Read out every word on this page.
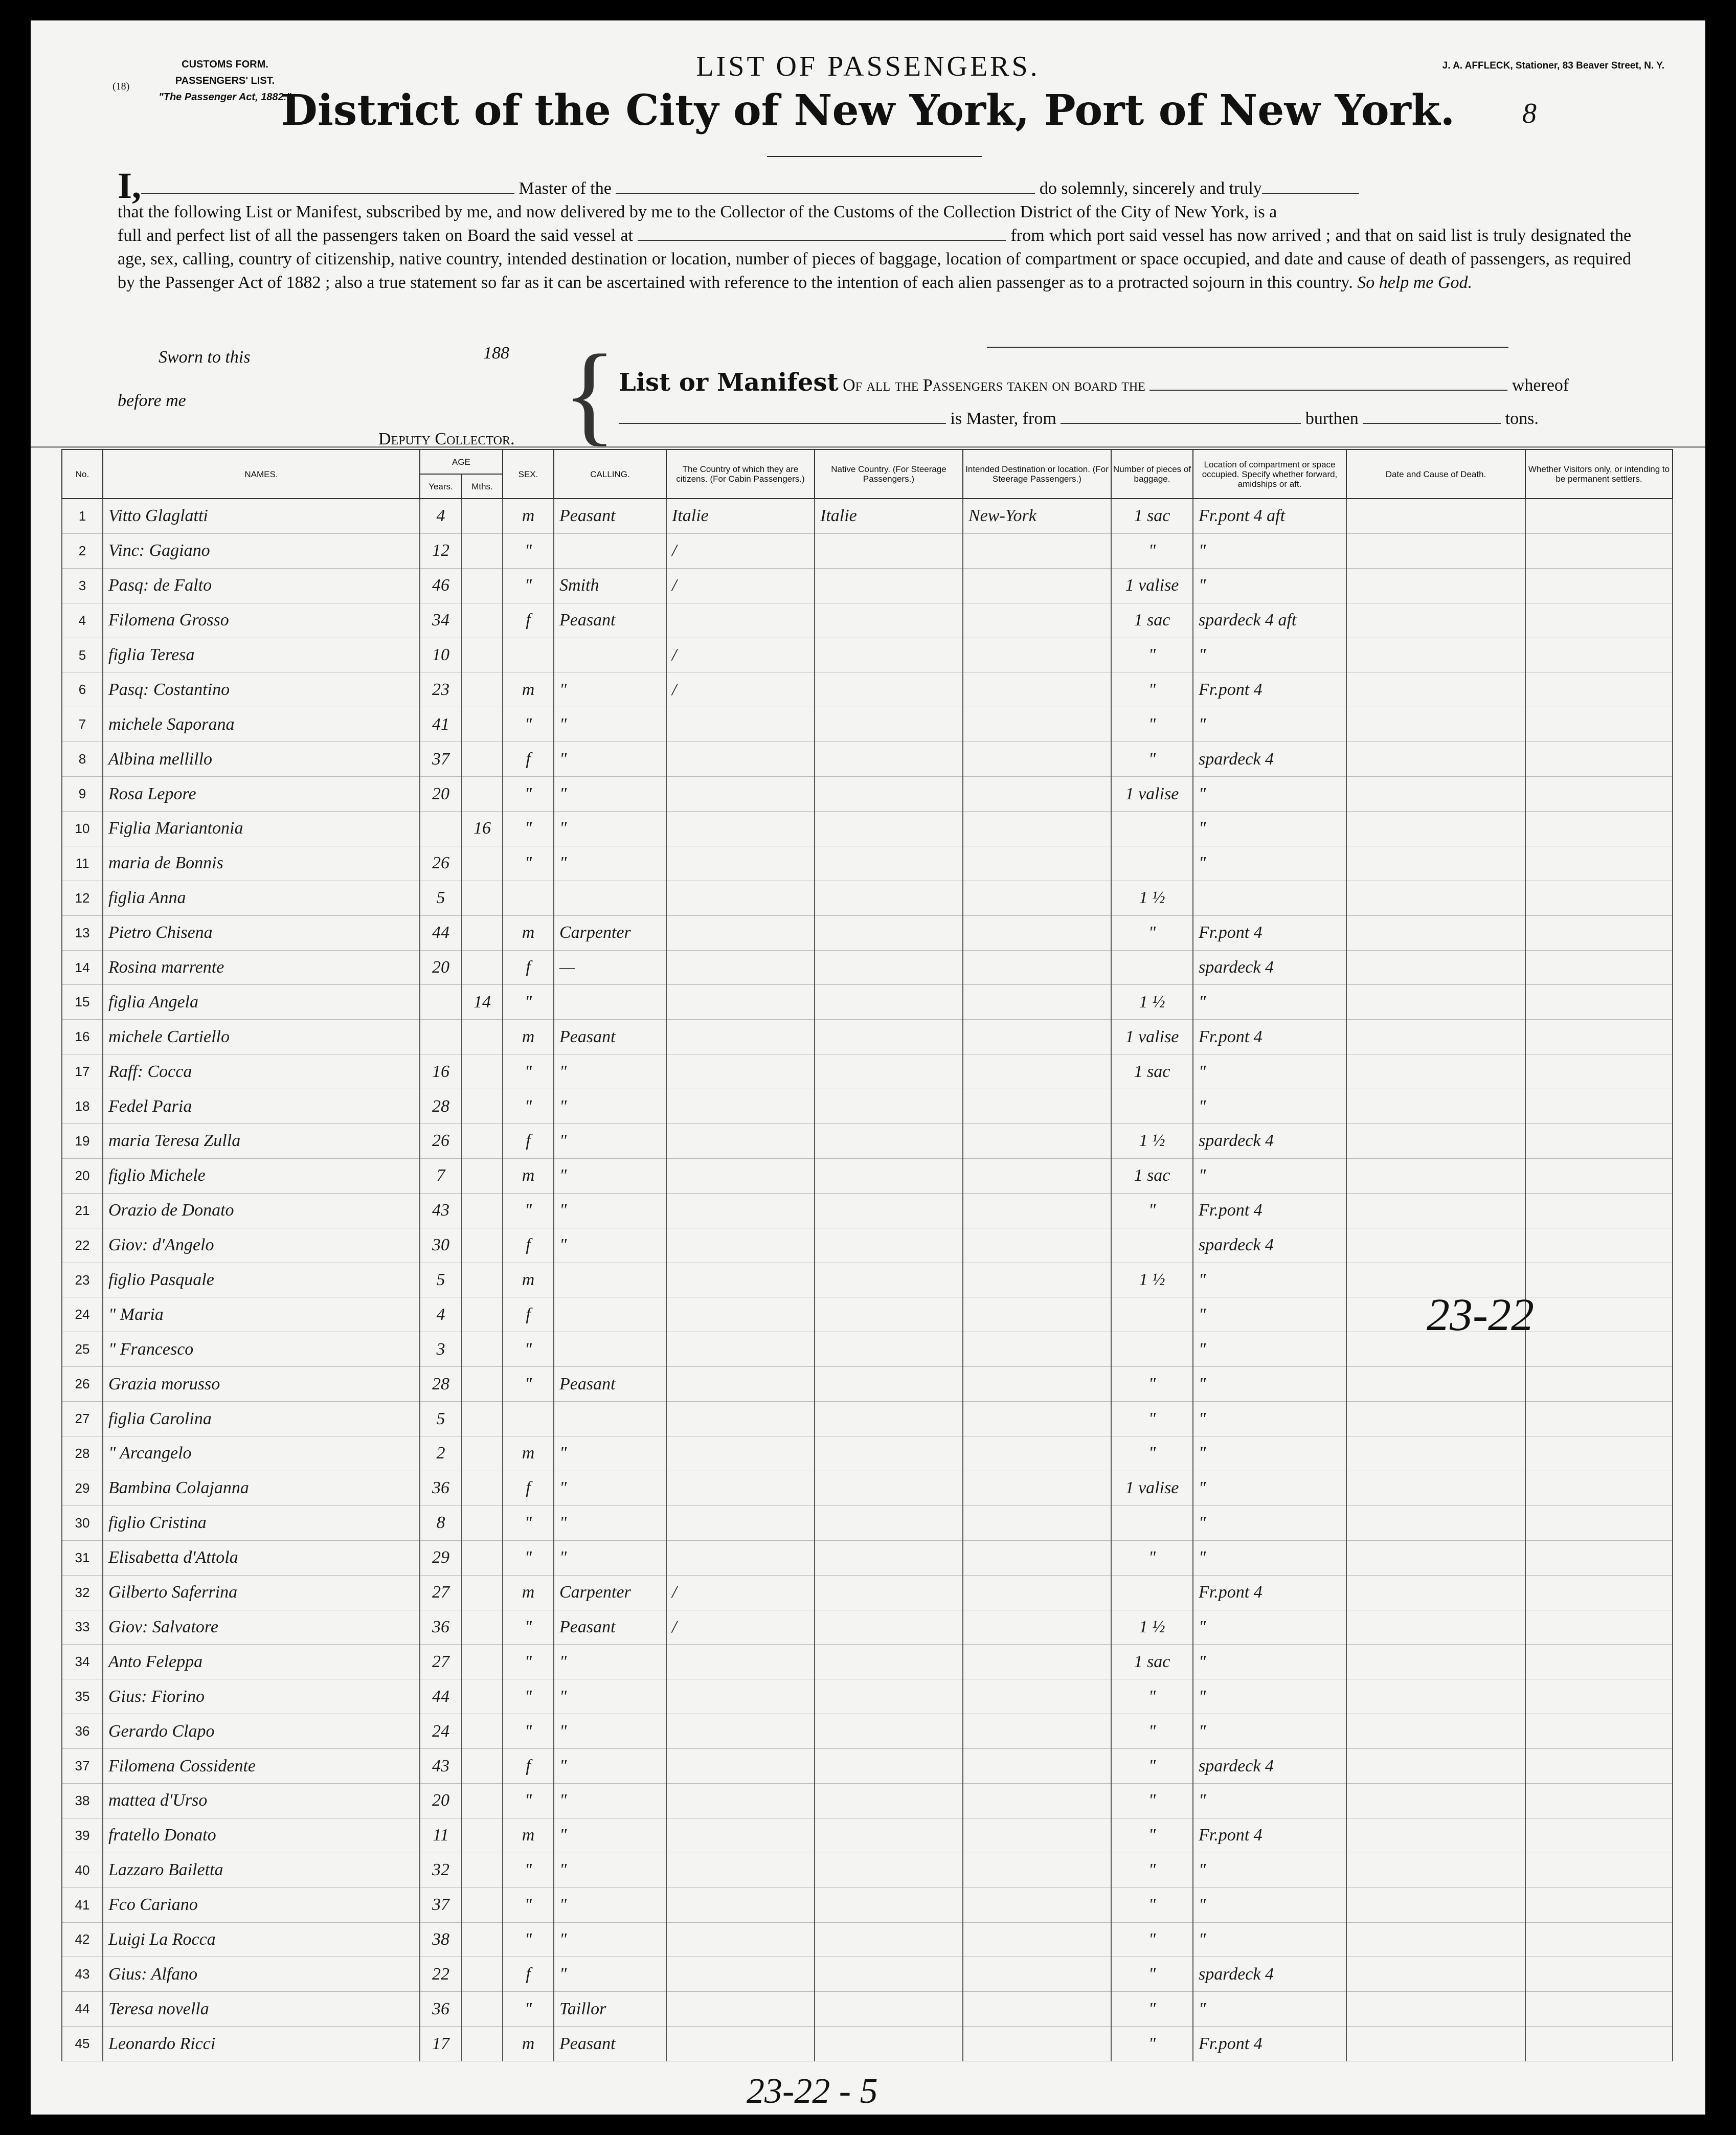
CUSTOMS FORM.
PASSENGERS' LIST.
"The Passenger Act, 1882."
(18)
LIST OF PASSENGERS.
District of the City of New York, Port of New York.
J. A. AFFLECK, Stationer, 83 Beaver Street, N. Y.
8
I,	Master of the	do solemnly, sincerely and truly
that the following List or Manifest, subscribed by me, and now delivered by me to the Collector of the Customs of the Collection District of the City of New York, is a
full and perfect list of all the passengers taken on Board the said vessel at	from which port said vessel has now arrived ; and that on said list is truly designated the age, sex, calling, country of citizenship, native country, intended destination or location, number of pieces of baggage, location of compartment or space occupied, and date and cause of death of passengers, as required by the Passenger Act of 1882 ; also a true statement so far as it can be ascertained with reference to the intention of each alien passenger as to a protracted sojourn in this country. So help me God.
Sworn to this	188
before me
Deputy Collector. { List or Manifest Of all the Passengers taken on board the	whereof
is Master, from	burthen	tons.
No.	NAMES.	AGE		SEX.	CALLING.	The Country of which they are citizens. (For Cabin Passengers.)	Native Country. (For Steerage Passengers.)	Intended Destination or location. (For Steerage Passengers.)	Number of pieces of baggage.	Location of compartment or space occupied. Specify whether forward, amidships or aft.	Date and Cause of Death.	Whether Visitors only, or intending to be permanent settlers.
		Years.	Mths.									
1	Vitto Glaglatti	4		m	Peasant	Italie	Italie	New-York	1 sac	Fr.pont 4 aft		
2	Vinc: Gagiano	12		"		/			"	"		
3	Pasq: de Falto	46		"	Smith	/			1 valise	"		
4	Filomena Grosso	34		f	Peasant				1 sac	spardeck 4 aft		
5	figlia Teresa	10				/			"	"		
6	Pasq: Costantino	23		m	"	/			"	Fr.pont 4		
7	michele Saporana	41		"	"				"	"		
8	Albina mellillo	37		f	"				"	spardeck 4		
9	Rosa Lepore	20		"	"				1 valise	"		
10	Figlia Mariantonia		16	"	"					"		
11	maria de Bonnis	26		"	"					"		
12	figlia Anna	5							1 ½			
13	Pietro Chisena	44		m	Carpenter				"	Fr.pont 4		
14	Rosina marrente	20		f	—					spardeck 4		
15	figlia Angela		14	"					1 ½	"		
16	michele Cartiello			m	Peasant				1 valise	Fr.pont 4		
17	Raff: Cocca	16		"	"				1 sac	"		
18	Fedel Paria	28		"	"					"		
19	maria Teresa Zulla	26		f	"				1 ½	spardeck 4		
20	figlio Michele	7		m	"				1 sac	"		
21	Orazio de Donato	43		"	"				"	Fr.pont 4		
22	Giov: d'Angelo	30		f	"					spardeck 4		
23	figlio Pasquale	5		m					1 ½	"		
24	" Maria	4		f						"		
25	" Francesco	3		"						"		
26	Grazia morusso	28		"	Peasant				"	"		
27	figlia Carolina	5							"	"		
28	" Arcangelo	2		m	"				"	"		
29	Bambina Colajanna	36		f	"				1 valise	"		
30	figlio Cristina	8		"	"					"		
31	Elisabetta d'Attola	29		"	"				"	"		
32	Gilberto Saferrina	27		m	Carpenter	/				Fr.pont 4		
33	Giov: Salvatore	36		"	Peasant	/			1 ½	"		
34	Anto Feleppa	27		"	"				1 sac	"		
35	Gius: Fiorino	44		"	"				"	"		
36	Gerardo Clapo	24		"	"				"	"		
37	Filomena Cossidente	43		f	"				"	spardeck 4		
38	mattea d'Urso	20		"	"				"	"		
39	fratello Donato	11		m	"				"	Fr.pont 4		
40	Lazzaro Bailetta	32		"	"				"	"		
41	Fco Cariano	37		"	"				"	"		
42	Luigi La Rocca	38		"	"				"	"		
43	Gius: Alfano	22		f	"				"	spardeck 4		
44	Teresa novella	36		"	Taillor				"	"		
45	Leonardo Ricci	17		m	Peasant				"	Fr.pont 4		
23-22
23-22 - 5
